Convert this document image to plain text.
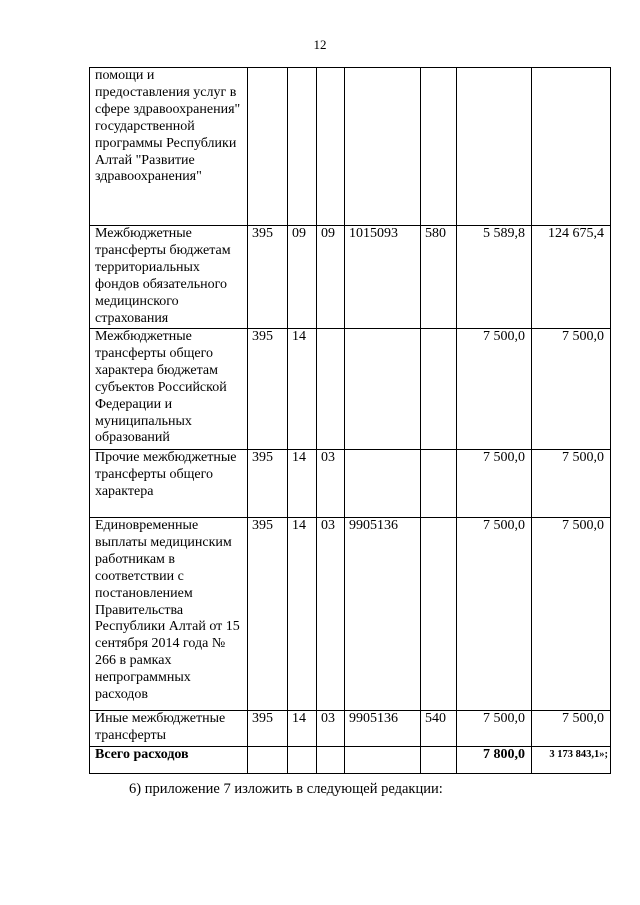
12
помощи и предоставления услуг в сфере здравоохранения" государственной программы Республики Алтай "Развитие здравоохранения"							
Межбюджетные трансферты бюджетам территориальных фондов обязательного медицинского страхования	395	09	09	1015093	580	5 589,8	124 675,4
Межбюджетные трансферты общего характера бюджетам субъектов Российской Федерации и муниципальных образований	395	14				7 500,0	7 500,0
Прочие межбюджетные трансферты общего характера	395	14	03			7 500,0	7 500,0
Единовременные выплаты медицинским работникам в соответствии с постановлением Правительства Республики Алтай от 15 сентября 2014 года № 266 в рамках непрограммных расходов	395	14	03	9905136		7 500,0	7 500,0
Иные межбюджетные трансферты	395	14	03	9905136	540	7 500,0	7 500,0
Всего расходов						7 800,0	3 173 843,1»;
6) приложение 7 изложить в следующей редакции:
